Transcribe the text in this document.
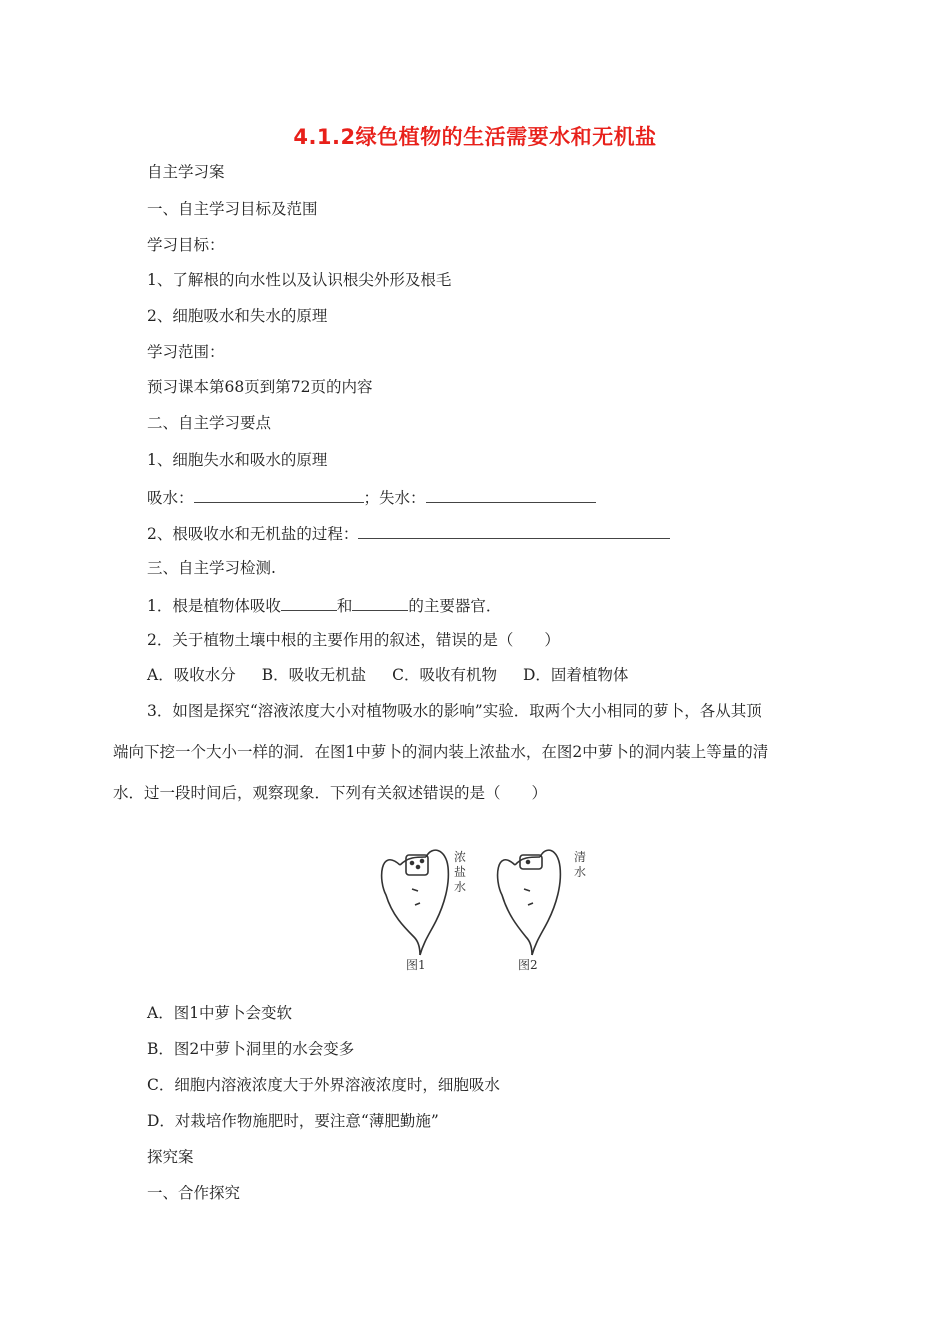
4.1.2绿色植物的生活需要水和无机盐
自主学习案
一、自主学习目标及范围
学习目标：
1、了解根的向水性以及认识根尖外形及根毛
2、细胞吸水和失水的原理
学习范围：
预习课本第68页到第72页的内容
二、自主学习要点
1、细胞失水和吸水的原理
吸水：	；失水：
2、根吸收水和无机盐的过程：
三、自主学习检测.
1．根是植物体吸收	和	的主要器官．
2．关于植物土壤中根的主要作用的叙述，错误的是（　　）
A．吸收水分 B．吸收无机盐 C．吸收有机物 D．固着植物体
3．如图是探究“溶液浓度大小对植物吸水的影响”实验．取两个大小相同的萝卜，各从其顶
端向下挖一个大小一样的洞．在图1中萝卜的洞内装上浓盐水，在图2中萝卜的洞内装上等量的清
水．过一段时间后，观察现象．下列有关叙述错误的是（　　）
浓
盐
水
图1
清
水
图2
A．图1中萝卜会变软
B．图2中萝卜洞里的水会变多
C．细胞内溶液浓度大于外界溶液浓度时，细胞吸水
D．对栽培作物施肥时，要注意“薄肥勤施”
探究案
一、合作探究
